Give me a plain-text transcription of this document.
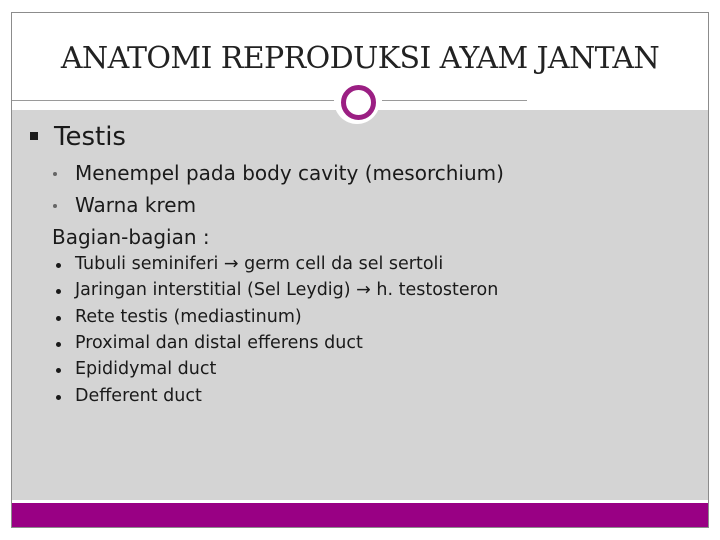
ANATOMI REPRODUKSI AYAM JANTAN
Testis
Menempel pada body cavity (mesorchium)
Warna krem
Bagian-bagian :
Tubuli seminiferi → germ cell da sel sertoli
Jaringan interstitial (Sel Leydig) → h. testosteron
Rete testis (mediastinum)
Proximal dan distal efferens duct
Epididymal duct
Defferent duct
